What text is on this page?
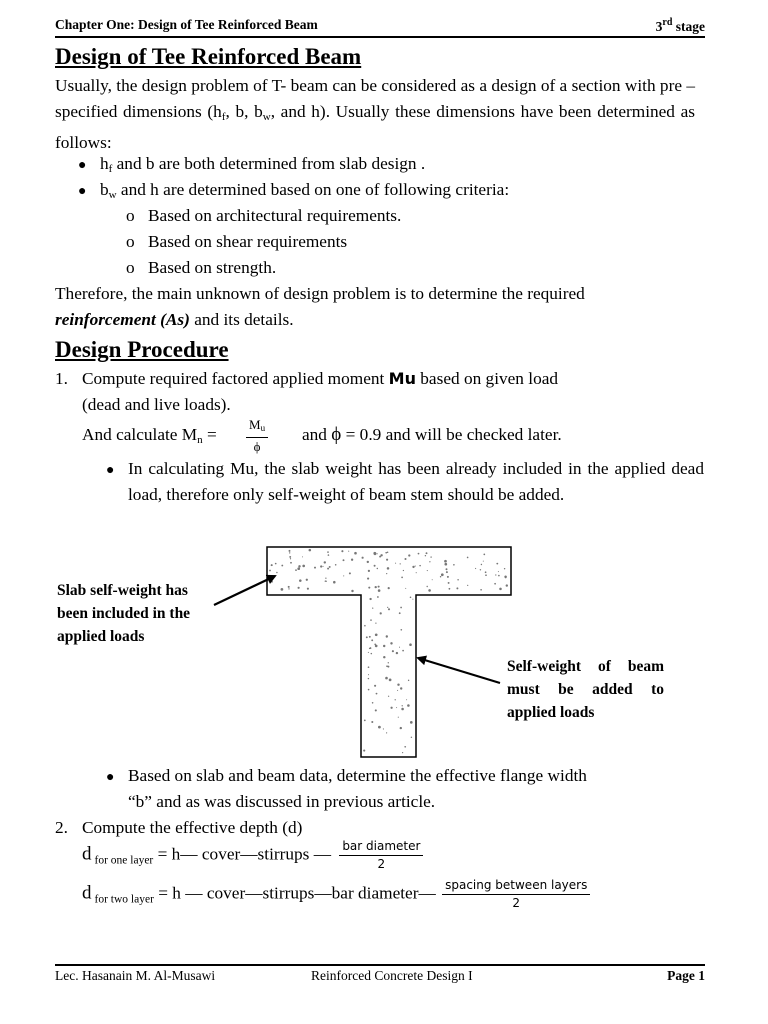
Chapter One: Design of Tee Reinforced Beam	3rd stage
Design of Tee Reinforced Beam
Usually, the design problem of T- beam can be considered as a design of a section with pre – specified dimensions ($h_f$, b, $b_w$, and h). Usually these dimensions have been determined as follows:
● $h_f$ and b are both determined from slab design .
● $b_w$ and h are determined based on one of following criteria:
o Based on architectural requirements.
o Based on shear requirements
o Based on strength.
Therefore, the main unknown of design problem is to determine the required
reinforcement (As) and its details.
Design Procedure
1. Compute required factored applied moment Mu based on given load
(dead and live loads).
And calculate $M_n = \frac{Mu}{\phi}$ and ϕ = 0.9 and will be checked later.
● In calculating Mu, the slab weight has been already included in the applied dead load, therefore only self-weight of beam stem should be added.
Slab self-weight has been included in the applied loads
Self-weight of beam must be added to applied loads
● Based on slab and beam data, determine the effective flange width
“b” and as was discussed in previous article.
2. Compute the effective depth (d)
d $_{for one layer}$ = h— cover—stirrups — $\frac{\text{bar diameter}}{2}$
d $_{for two layer}$ = h — cover—stirrups—bar diameter— $\frac{\text{spacing between layers}}{2}$
Lec. Hasanain M. Al-Musawi	Reinforced Concrete Design I	Page 1
